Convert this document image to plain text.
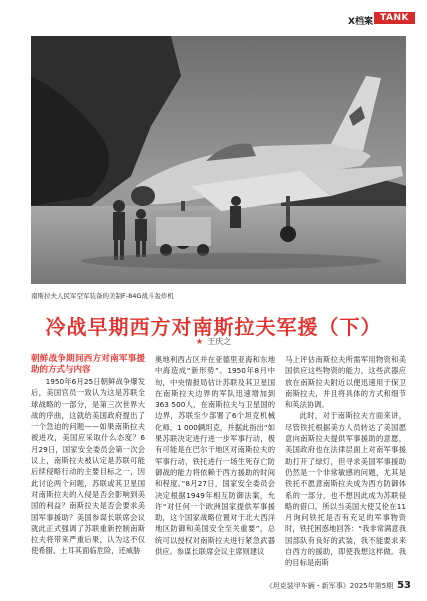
X档案 TANK
南斯拉夫人民军空军装备的美制F-84G战斗轰炸机
冷战早期西方对南斯拉夫军援（下）
★ 王庆之

朝鲜战争期间西方对南军事援助的方式与内容

1950年6月25日朝鲜战争爆发后，美国官员一致认为这是苏联全球战略的一部分，是第三次世界大战的序曲，这就给美国政府提出了一个急迫的问题——如果南斯拉夫被进攻，美国应采取什么态度？6月29日，国家安全委员会第一次会议上，南斯拉夫被认定是苏联可能后续侵略行动的主要目标之一，因此讨论两个问题，苏联或其卫星国对南斯拉夫的入侵是否会影响到美国的利益？南斯拉夫是否会要求美国军事援助？美国参谋长联席会议就此正式强调了苏联重新控制南斯拉夫将带来严重后果，认为这不仅使希腊、土耳其面临危险，还威胁

奥地利西占区并在亚德里亚海和东地中海造成“新形势”。1950年8月中旬，中央情报局估计苏联及其卫星国在南斯拉夫边界的军队迅速增加到363 500人，在南斯拉夫与卫星国的边界，苏联至少部署了6个坦克机械化师、1 000辆坦克，并据此指出“如果苏联决定进行进一步军事行动，极有可能是在巴尔干地区对南斯拉夫的军事行动，铁托进行一场生死存亡防御战的能力将依赖于西方援助的时间和程度。”8月27日，国家安全委员会决定根据1949年相互防御法案，允许“对任何一个欧洲国家提供军事援助，这个国家战略位置对于北大西洋地区防御和美国安全至关重要”，总统可以授权对南斯拉夫进行紧急武器供应。参谋长联席会议主席则建议

马上评估南斯拉夫所需军用物资和美国供应这些物资的能力，这些武器应放在南斯拉夫附近以便迅速用于保卫南斯拉夫，并且将具体的方式和细节和英法协调。

此时，对于南斯拉夫方面来讲，尽管铁托根据美方人员转达了美国愿意向南斯拉夫提供军事援助的意愿，美国政府也在法律层面上对南军事援助打开了绿灯，但寻求美国军事援助仍然是一个非常敏感的问题，尤其是铁托不愿意南斯拉夫成为西方防御体系的一部分，也不想因此成为苏联侵略的借口。所以当美国大使艾伦在11月询问铁托是否有充足的军事物资时，铁托困惑地回答：“我非常满意我国部队有良好的武装，我不能要求来自西方的援助，即使我想这样做。我的目标是南斯

《坦克装甲车辆・新军事》2025年第5期 53
